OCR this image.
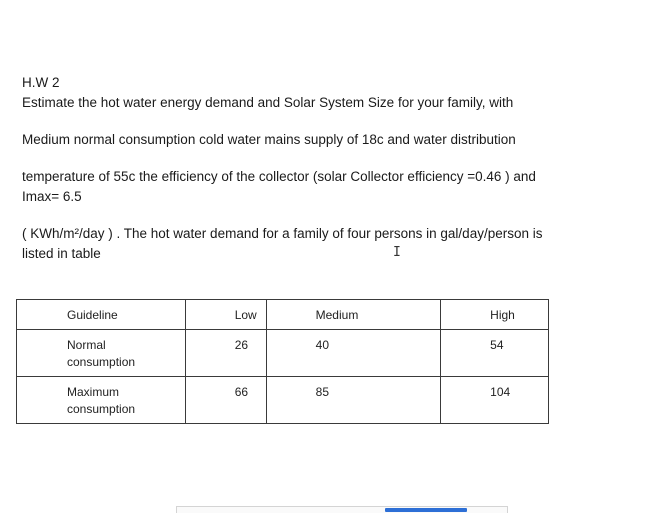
H.W 2
Estimate the hot water energy demand and Solar System Size for your family, with
Medium normal consumption cold water mains supply of 18c and water distribution
temperature of 55c the efficiency of the collector (solar Collector efficiency =0.46 ) and
Imax= 6.5
( KWh/m²/day ) . The hot water demand for a family of four persons in gal/day/person is
listed in table	I
Guideline	Low	Medium	High

Normal
consumption	26	40	54

Maximum
consumption	66	85	104
